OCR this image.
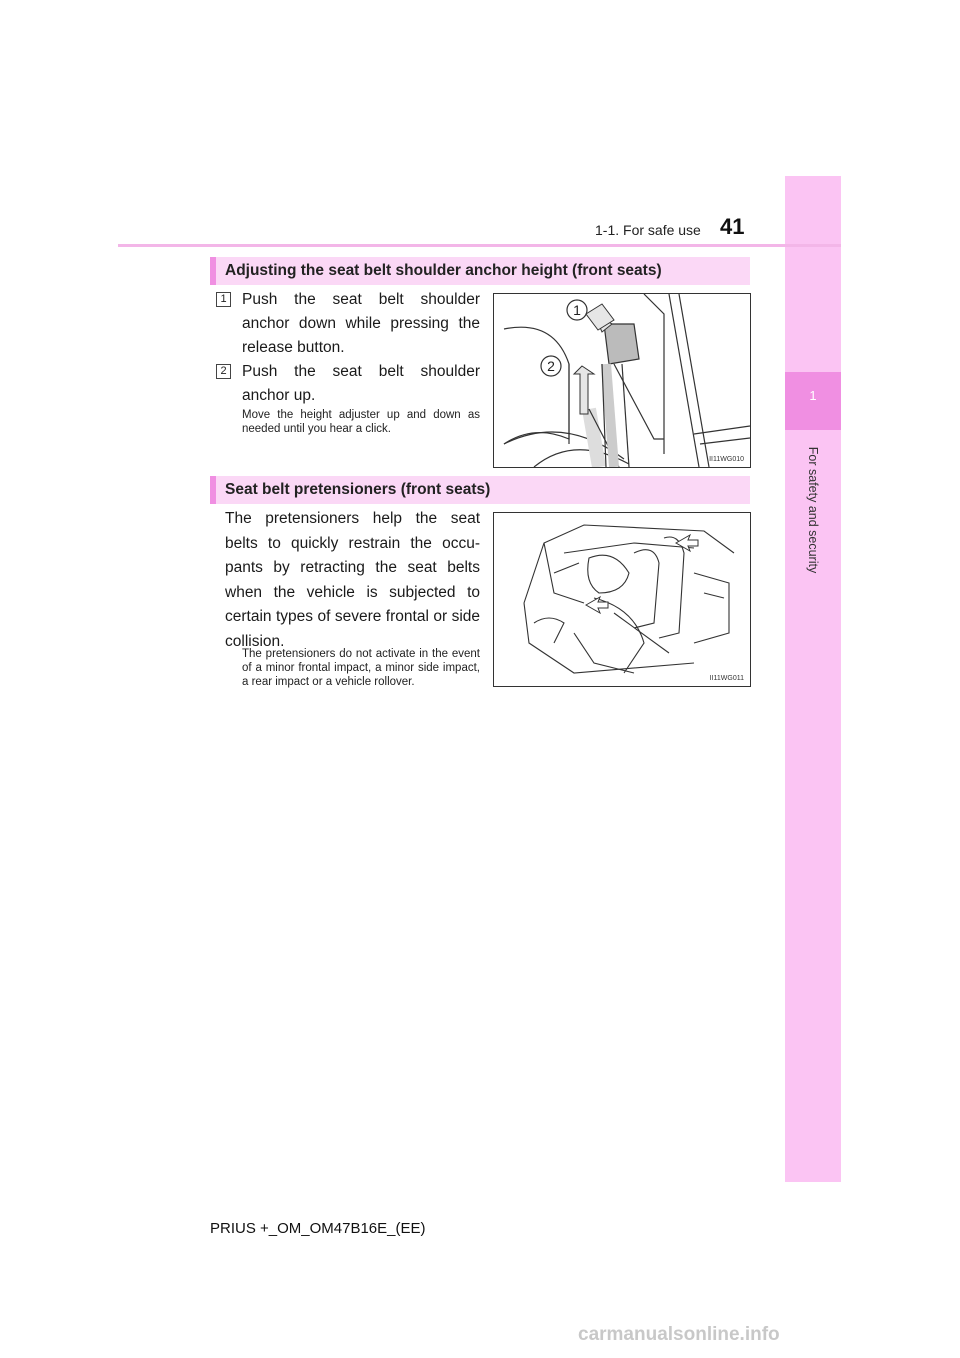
1
For safety and security
1-1. For safe use 41
Adjusting the seat belt shoulder anchor height (front seats)
1 Push the seat belt shoulder anchor down while pressing the release button.
2 Push the seat belt shoulder anchor up.
Move the height adjuster up and down as needed until you hear a click.
1
2
II11WG010
Seat belt pretensioners (front seats)
The pretensioners help the seat belts to quickly restrain the occu-pants by retracting the seat belts when the vehicle is subjected to certain types of severe frontal or side collision.
The pretensioners do not activate in the event of a minor frontal impact, a minor side impact, a rear impact or a vehicle rollover.	II11WG011
PRIUS +_OM_OM47B16E_(EE)
carmanualsonline.info
